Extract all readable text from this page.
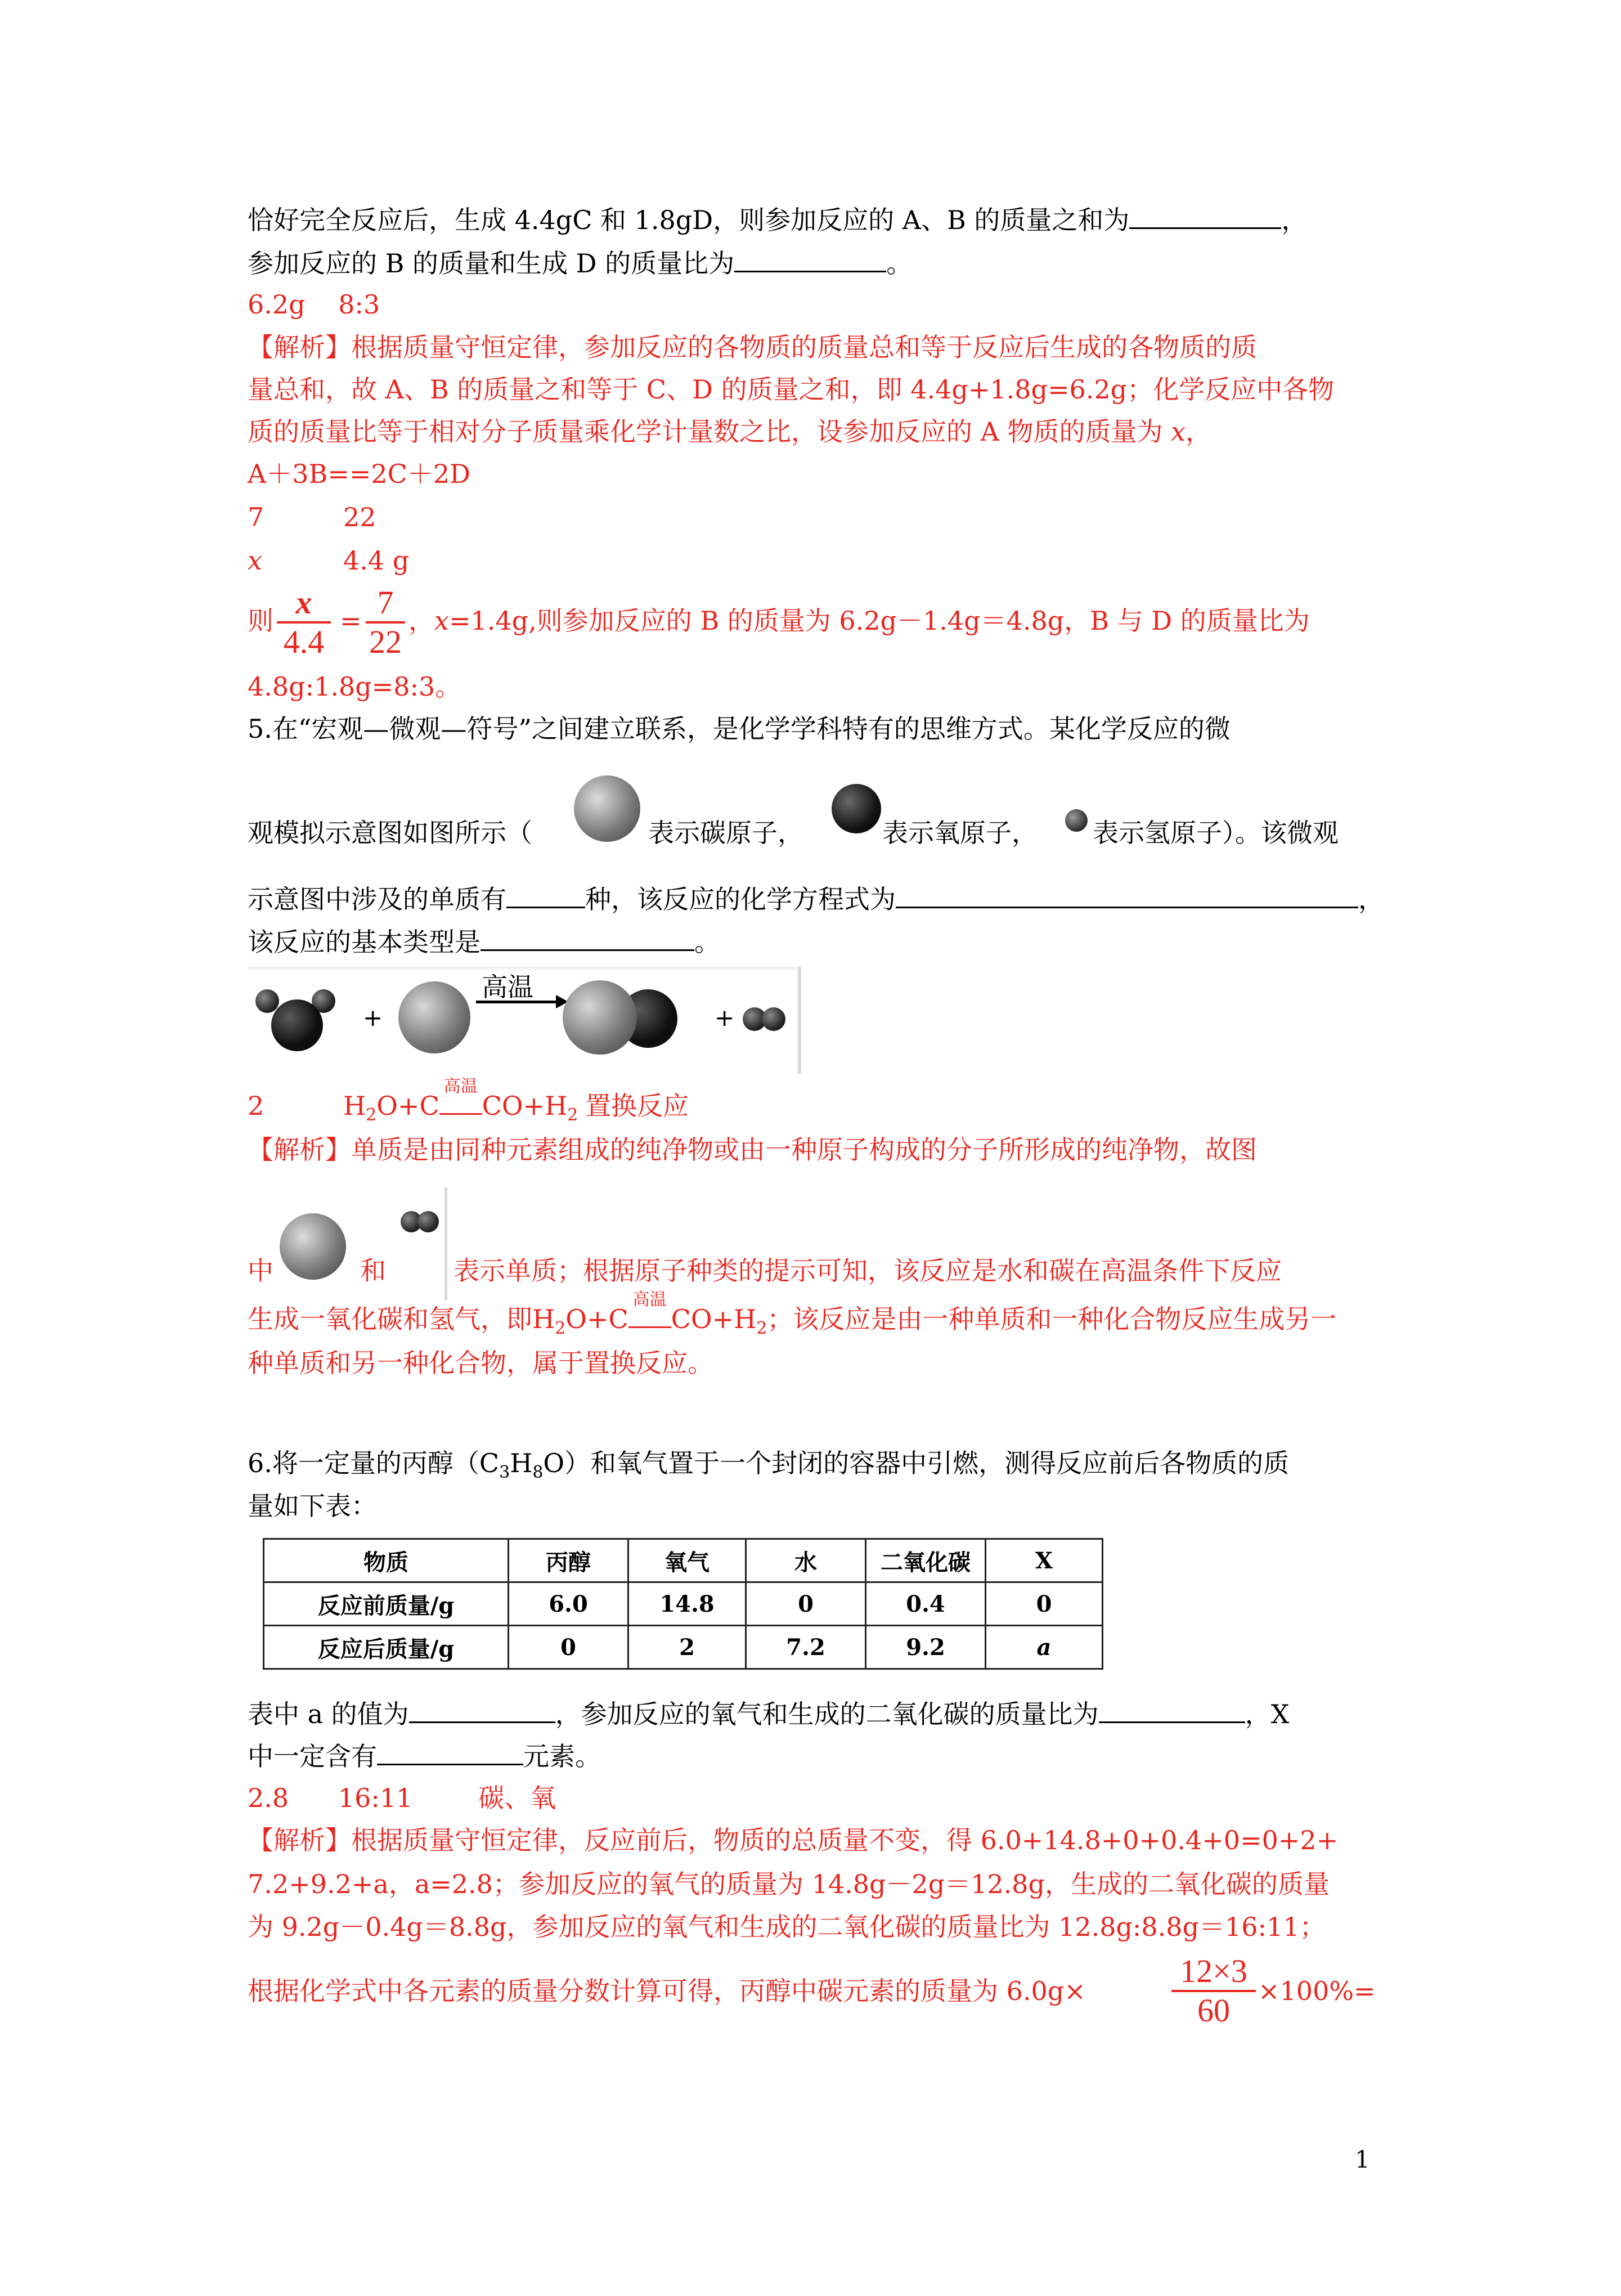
恰好完全反应后，生成 4.4gC 和 1.8gD，则参加反应的 A、B 的质量之和为	，
参加反应的 B 的质量和生成 D 的质量比为	。
6.2g    8:3
【解析】根据质量守恒定律，参加反应的各物质的质量总和等于反应后生成的各物质的质
量总和，故 A、B 的质量之和等于 C、D 的质量之和，即 4.4g+1.8g=6.2g；化学反应中各物
质的质量比等于相对分子质量乘化学计量数之比，设参加反应的 A 物质的质量为 x，
A＋3B==2C＋2D
7	22
x	4.4 g
则 $\frac{x}{4.4} = \frac{7}{22}$ ，x=1.4g,则参加反应的 B 的质量为 6.2g－1.4g＝4.8g，B 与 D 的质量比为
4.8g:1.8g=8:3。
5.在“宏观—微观—符号”之间建立联系，是化学学科特有的思维方式。某化学反应的微
观模拟示意图如图所示（	表示碳原子，	表示氧原子， 表示氢原子）。该微观
示意图中涉及的单质有	种，该反应的化学方程式为	，
该反应的基本类型是	。
+
高温
+
2	$H_2O+C$
高温
$CO+H_2$ 置换反应
【解析】单质是由同种元素组成的纯净物或由一种原子构成的分子所形成的纯净物，故图
中	和	表示单质；根据原子种类的提示可知，该反应是水和碳在高温条件下反应
生成一氧化碳和氢气，即$H_2O+C$
高温
$CO+H_2$；该反应是由一种单质和一种化合物反应生成另一
种单质和另一种化合物，属于置换反应。
6.将一定量的丙醇$(C_3H_8O)$和氧气置于一个封闭的容器中引燃，测得反应前后各物质的质
量如下表：
物质	丙醇	氧气	水	二氧化碳	X
反应前质量/g	6.0	14.8	0	0.4	0
反应后质量/g	0	2	7.2	9.2	a
表中 a 的值为	，参加反应的氧气和生成的二氧化碳的质量比为	，X
中一定含有	元素。
2.8      16:11        碳、氧
【解析】根据质量守恒定律，反应前后，物质的总质量不变，得 6.0+14.8+0+0.4+0=0+2+
7.2+9.2+a，a=2.8；参加反应的氧气的质量为 14.8g－2g＝12.8g，生成的二氧化碳的质量
为 9.2g－0.4g＝8.8g，参加反应的氧气和生成的二氧化碳的质量比为 12.8g:8.8g＝16:11；
根据化学式中各元素的质量分数计算可得，丙醇中碳元素的质量为 6.0g×	$\frac{12\times 3}{60} \times 100\%=$
1
